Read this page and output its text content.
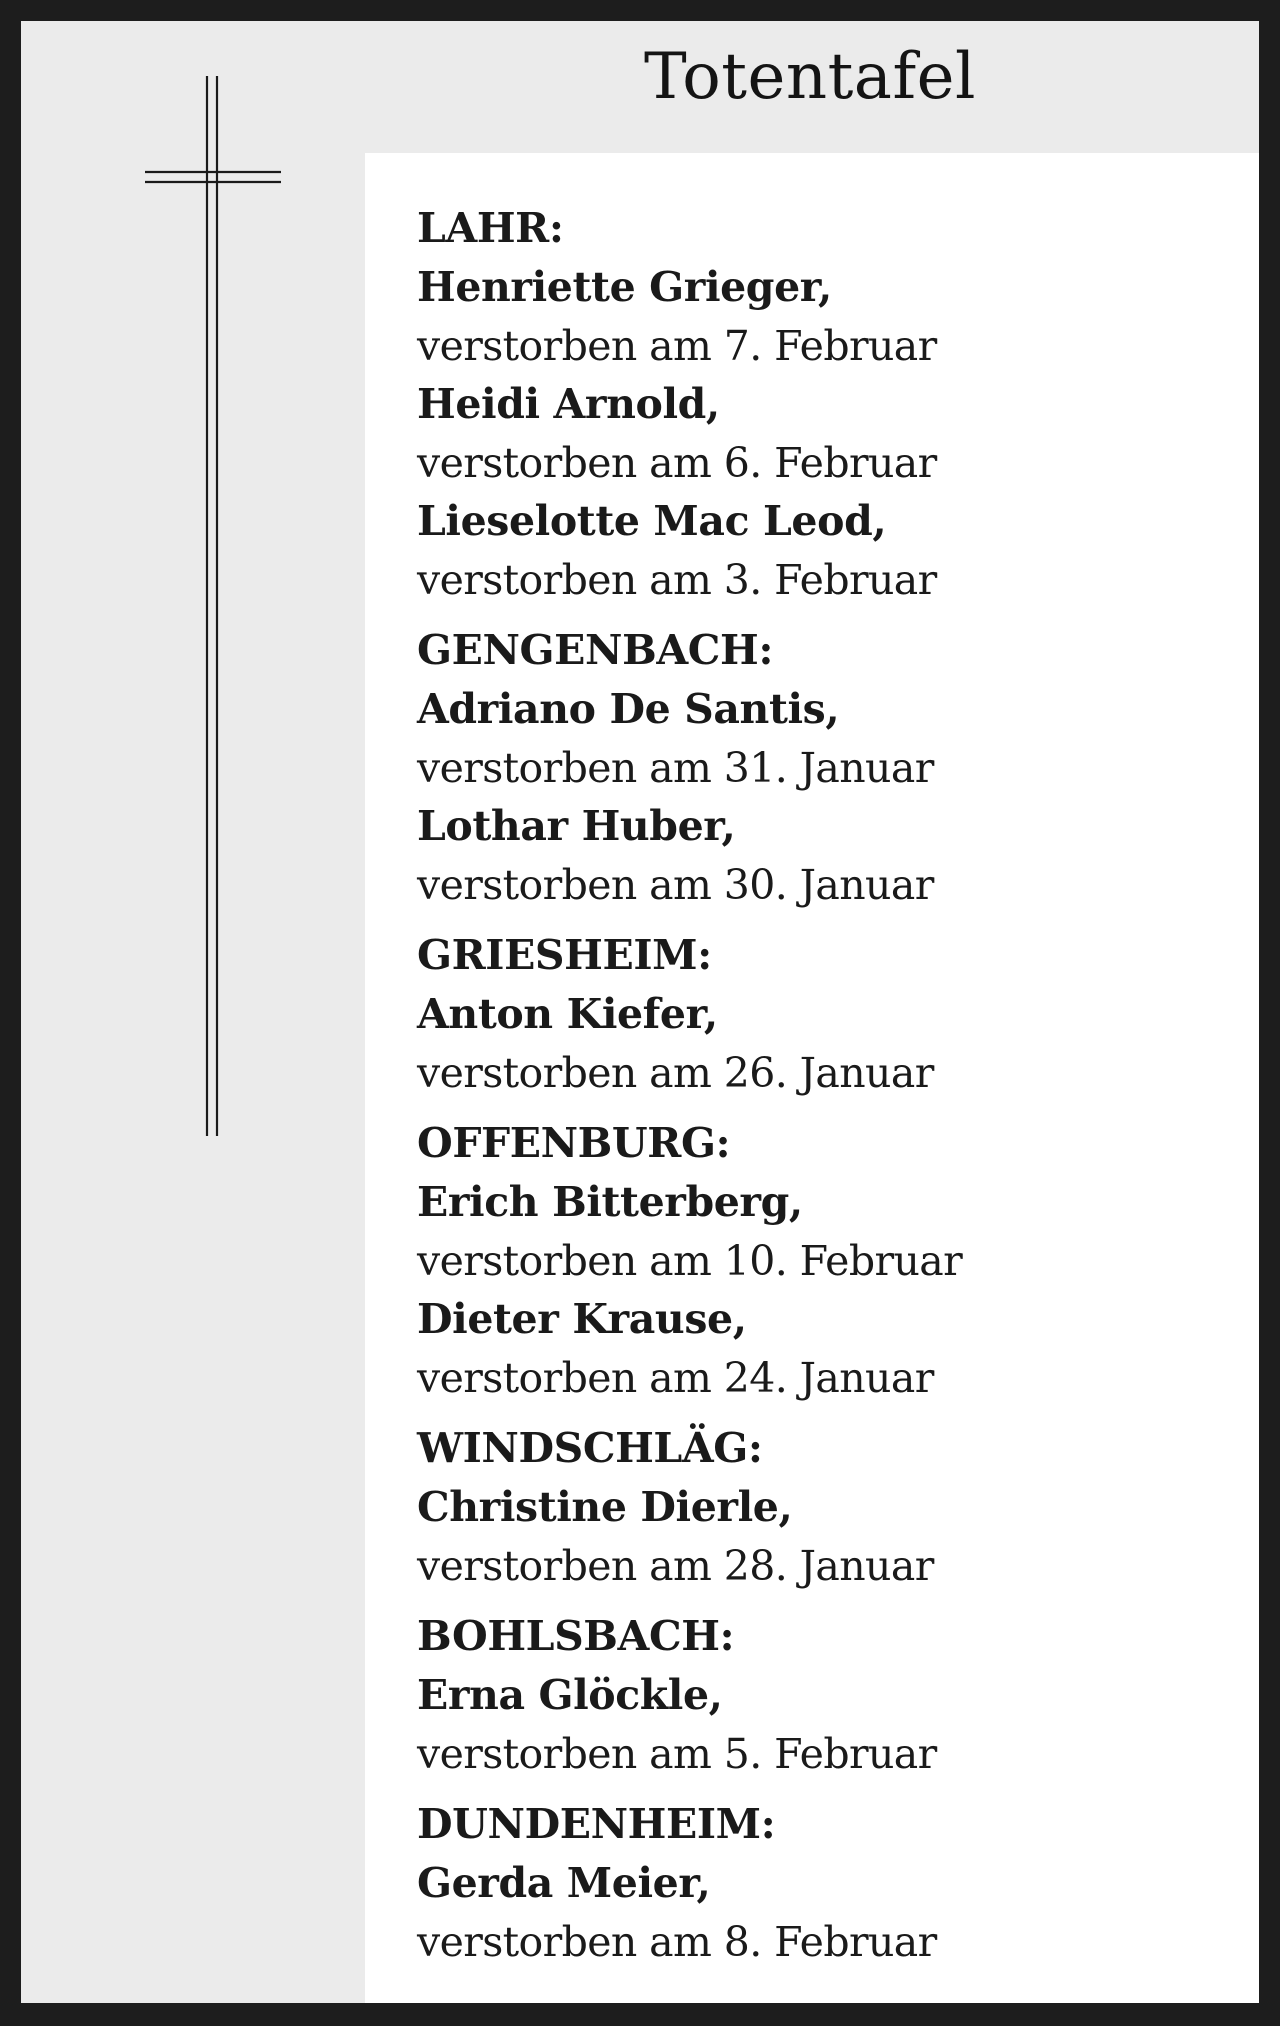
Totentafel
LAHR:
Henriette Grieger,
verstorben am 7. Februar
Heidi Arnold,
verstorben am 6. Februar
Lieselotte Mac Leod,
verstorben am 3. Februar
GENGENBACH:
Adriano De Santis,
verstorben am 31. Januar
Lothar Huber,
verstorben am 30. Januar
GRIESHEIM:
Anton Kiefer,
verstorben am 26. Januar
OFFENBURG:
Erich Bitterberg,
verstorben am 10. Februar
Dieter Krause,
verstorben am 24. Januar
WINDSCHLÄG:
Christine Dierle,
verstorben am 28. Januar
BOHLSBACH:
Erna Glöckle,
verstorben am 5. Februar
DUNDENHEIM:
Gerda Meier,
verstorben am 8. Februar
